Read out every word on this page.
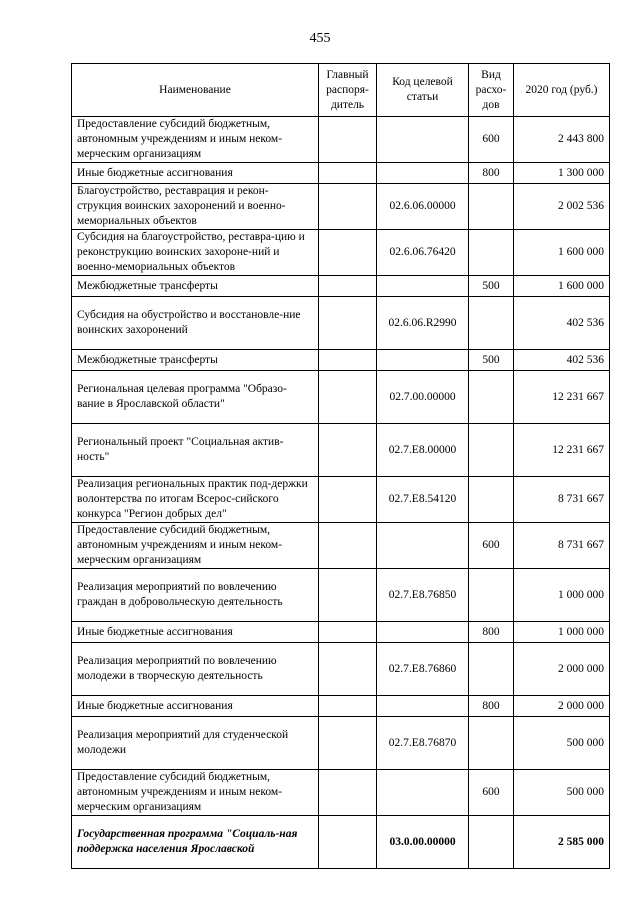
455
Наименование	Главный распоря-дитель	Код целевой статьи	Вид расхо-дов	2020 год (руб.)
Предоставление субсидий бюджетным, автономным учреждениям и иным неком-мерческим организациям			600	2 443 800
Иные бюджетные ассигнования			800	1 300 000
Благоустройство, реставрация и рекон-струкция воинских захоронений и военно-мемориальных объектов		02.6.06.00000		2 002 536
Субсидия на благоустройство, реставра-цию и реконструкцию воинских захороне-ний и военно-мемориальных объектов		02.6.06.76420		1 600 000
Межбюджетные трансферты			500	1 600 000
Субсидия на обустройство и восстановле-ние воинских захоронений		02.6.06.R2990		402 536
Межбюджетные трансферты			500	402 536
Региональная целевая программа "Образо-вание в Ярославской области"		02.7.00.00000		12 231 667
Региональный проект "Социальная актив-ность"		02.7.E8.00000		12 231 667
Реализация региональных практик под-держки волонтерства по итогам Всерос-сийского конкурса "Регион добрых дел"		02.7.E8.54120		8 731 667
Предоставление субсидий бюджетным, автономным учреждениям и иным неком-мерческим организациям			600	8 731 667
Реализация мероприятий по вовлечению граждан в добровольческую деятельность		02.7.E8.76850		1 000 000
Иные бюджетные ассигнования			800	1 000 000
Реализация мероприятий по вовлечению молодежи в творческую деятельность		02.7.E8.76860		2 000 000
Иные бюджетные ассигнования			800	2 000 000
Реализация мероприятий для студенческой молодежи		02.7.E8.76870		500 000
Предоставление субсидий бюджетным, автономным учреждениям и иным неком-мерческим организациям			600	500 000
Государственная программа "Социаль-ная поддержка населения Ярославской		03.0.00.00000		2 585 000
